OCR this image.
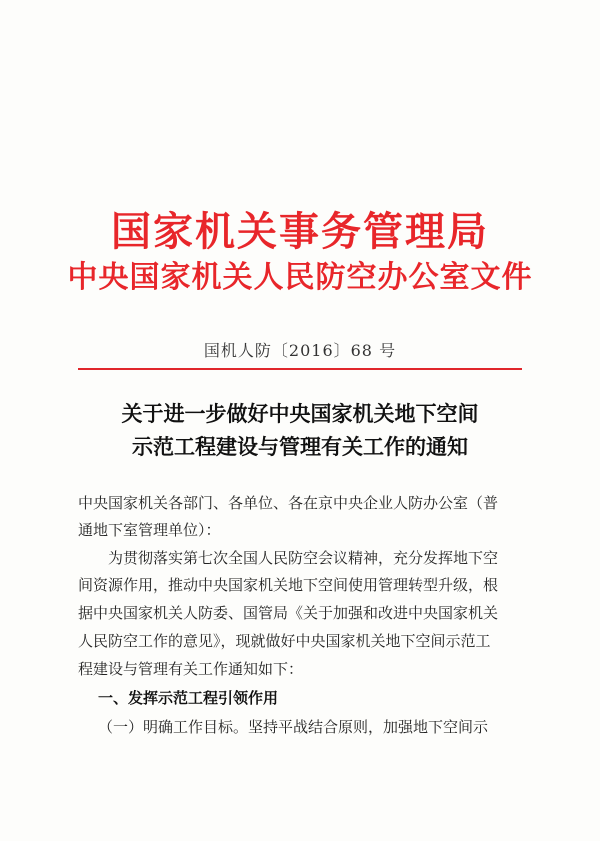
国家机关事务管理局
中央国家机关人民防空办公室文件
国机人防〔2016〕68 号
关于进一步做好中央国家机关地下空间
示范工程建设与管理有关工作的通知
中央国家机关各部门、各单位、各在京中央企业人防办公室（普
通地下室管理单位）：
　　为贯彻落实第七次全国人民防空会议精神，充分发挥地下空
间资源作用，推动中央国家机关地下空间使用管理转型升级，根
据中央国家机关人防委、国管局《关于加强和改进中央国家机关
人民防空工作的意见》，现就做好中央国家机关地下空间示范工
程建设与管理有关工作通知如下：
一、发挥示范工程引领作用
（一）明确工作目标。坚持平战结合原则，加强地下空间示
